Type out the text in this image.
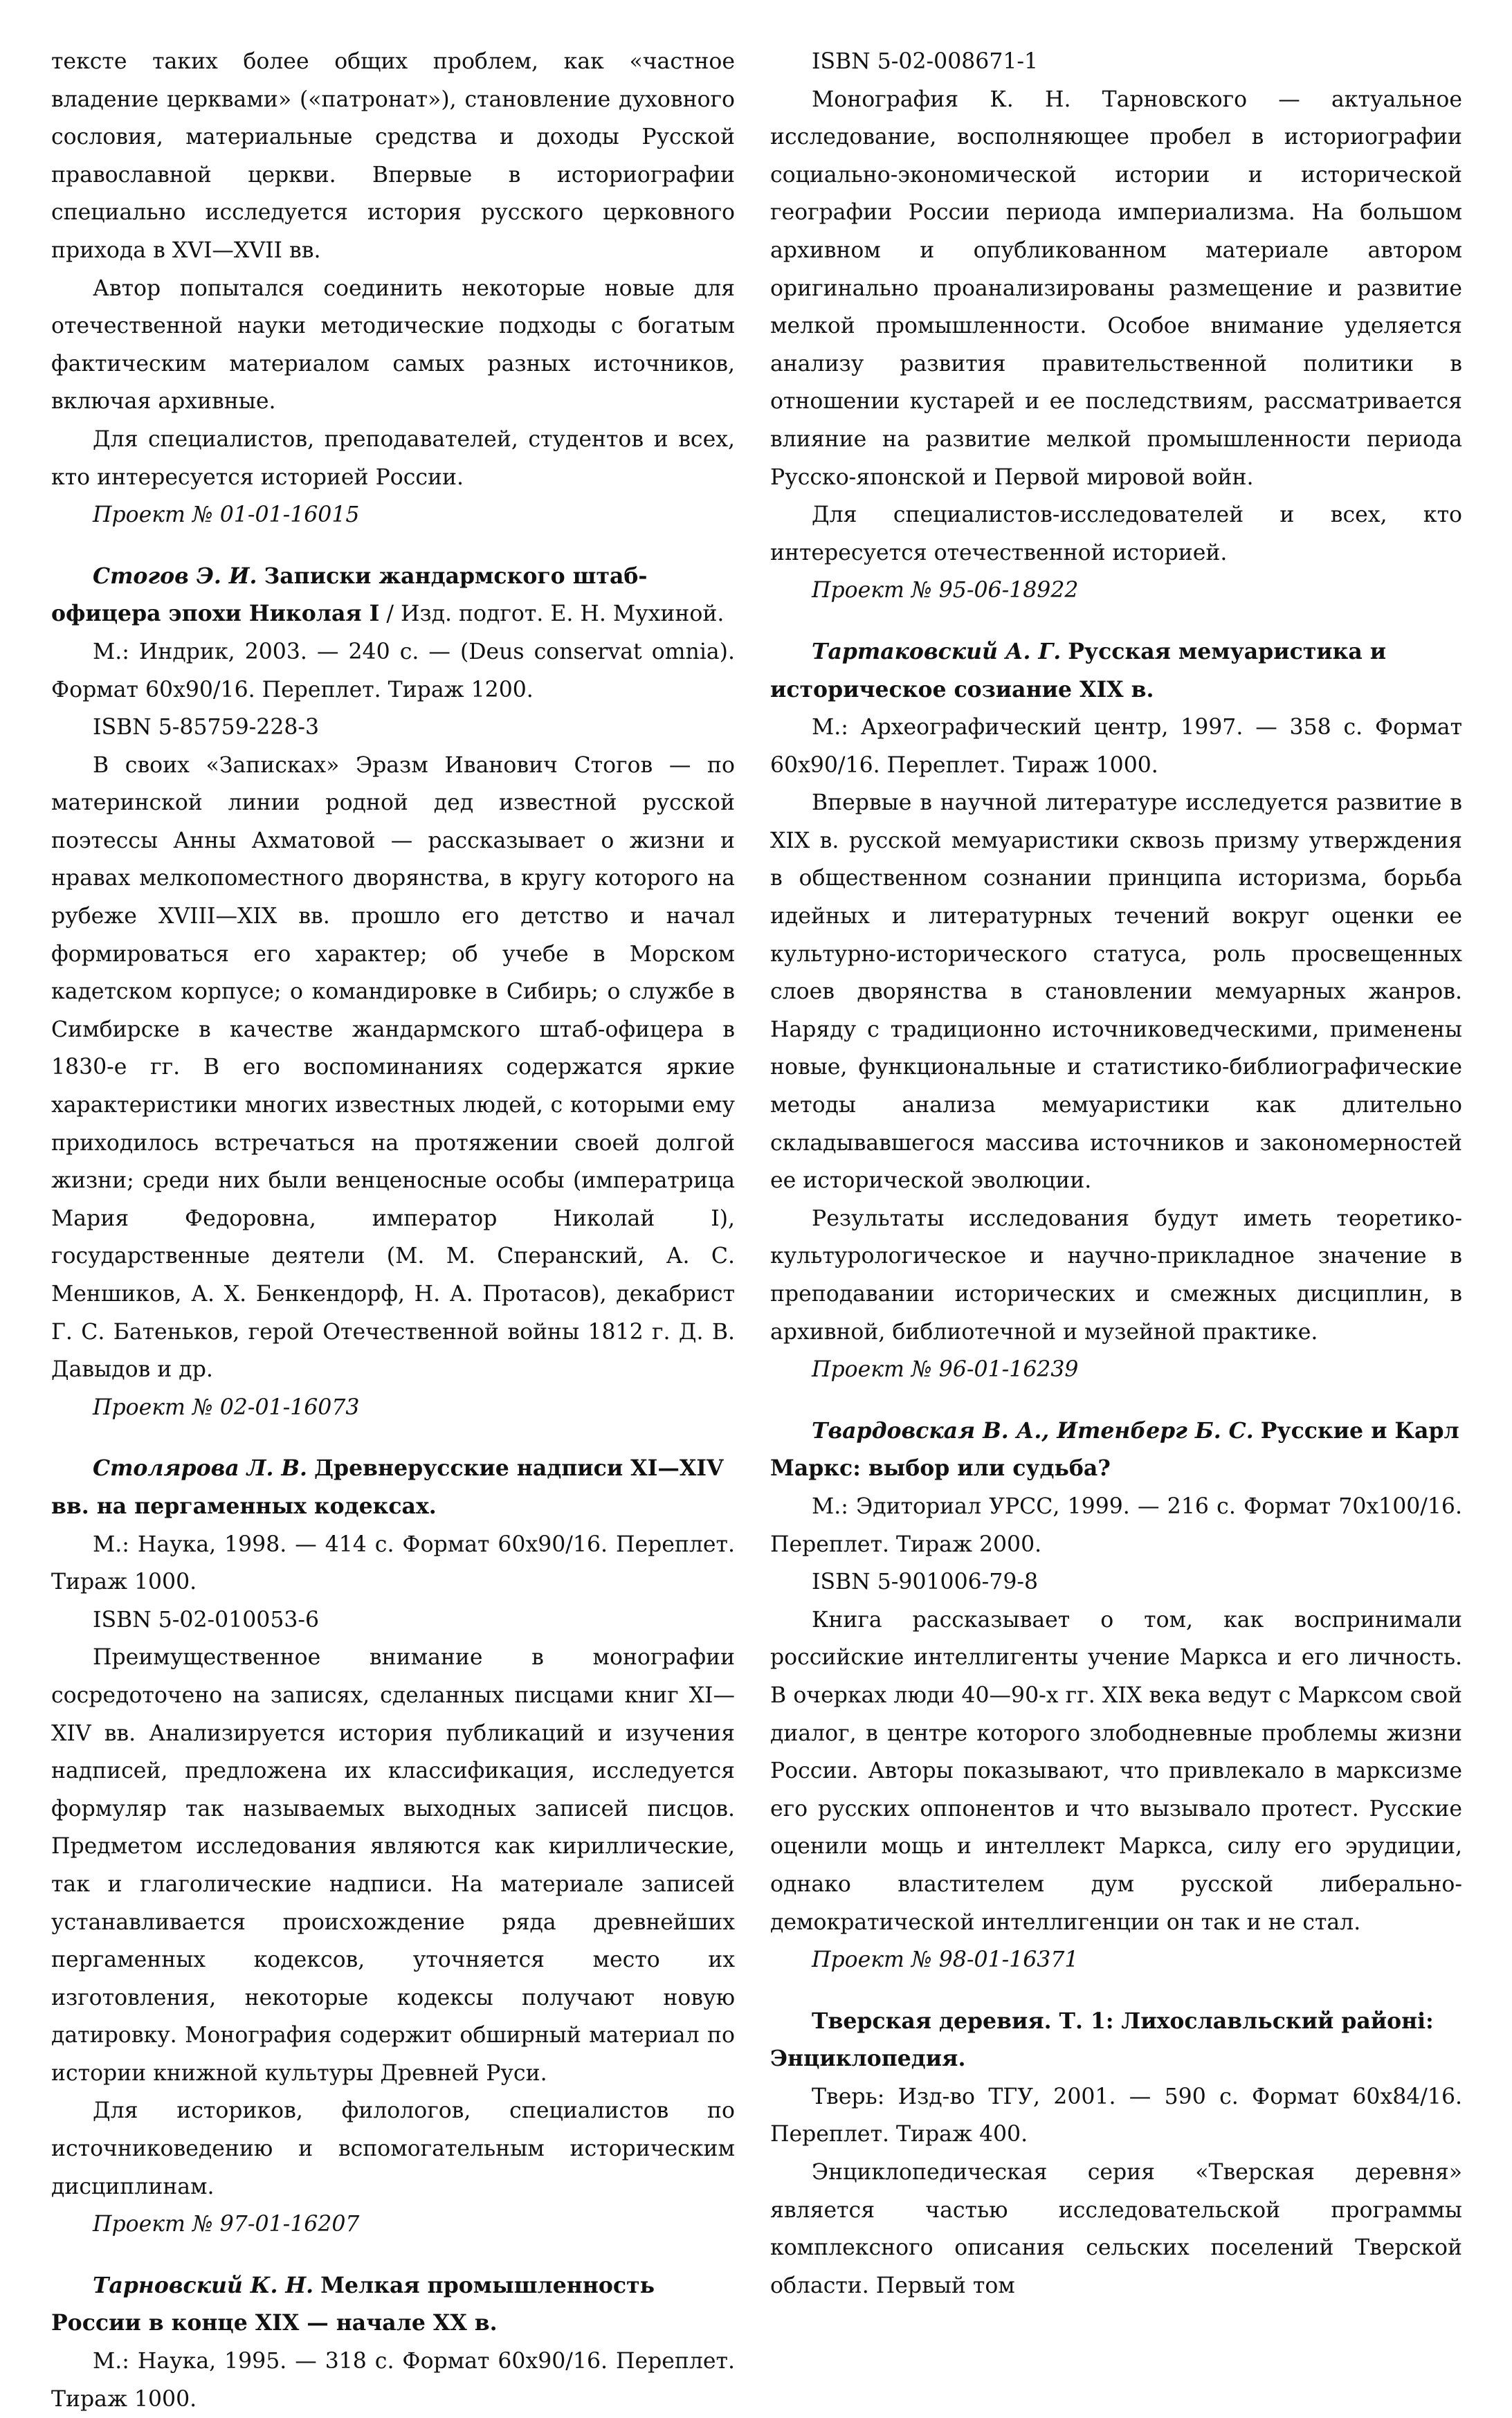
тексте таких более общих проблем, как «частное владение церквами» («патронат»), становление духовного сословия, материальные средства и доходы Русской православной церкви. Впервые в историографии специально исследуется история русского церковного прихода в XVI—XVII вв.

Автор попытался соединить некоторые новые для отечественной науки методические подходы с богатым фактическим материалом самых разных источников, включая архивные.

Для специалистов, преподавателей, студентов и всех, кто интересуется историей России.

Проект № 01-01-16015

Стогов Э. И. Записки жандармского штаб-офицера эпохи Николая I / Изд. подгот. Е. Н. Мухиной.

М.: Индрик, 2003. — 240 с. — (Deus conservat omnia). Формат 60x90/16. Переплет. Тираж 1200.

ISBN 5-85759-228-3

В своих «Записках» Эразм Иванович Стогов — по материнской линии родной дед известной русской поэтессы Анны Ахматовой — рассказывает о жизни и нравах мелкопоместного дворянства, в кругу которого на рубеже XVIII—XIX вв. прошло его детство и начал формироваться его характер; об учебе в Морском кадетском корпусе; о командировке в Сибирь; о службе в Симбирске в качестве жандармского штаб-офицера в 1830-е гг. В его воспоминаниях содержатся яркие характеристики многих известных людей, с которыми ему приходилось встречаться на протяжении своей долгой жизни; среди них были венценосные особы (императрица Мария Федоровна, император Николай I), государственные деятели (М. М. Сперанский, А. С. Меншиков, А. Х. Бенкендорф, Н. А. Протасов), декабрист Г. С. Батеньков, герой Отечественной войны 1812 г. Д. В. Давыдов и др.

Проект № 02-01-16073

Столярова Л. В. Древнерусские надписи XI—XIV вв. на пергаменных кодексах.

М.: Наука, 1998. — 414 с. Формат 60x90/16. Переплет. Тираж 1000.

ISBN 5-02-010053-6

Преимущественное внимание в монографии сосредоточено на записях, сделанных писцами книг XI—XIV вв. Анализируется история публикаций и изучения надписей, предложена их классификация, исследуется формуляр так называемых выходных записей писцов. Предметом исследования являются как кириллические, так и глаголические надписи. На материале записей устанавливается происхождение ряда древнейших пергаменных кодексов, уточняется место их изготовления, некоторые кодексы получают новую датировку. Монография содержит обширный материал по истории книжной культуры Древней Руси.

Для историков, филологов, специалистов по источниковедению и вспомогательным историческим дисциплинам.

Проект № 97-01-16207

Тарновский К. Н. Мелкая промышленность России в конце XIX — начале XX в.

М.: Наука, 1995. — 318 с. Формат 60x90/16. Переплет. Тираж 1000.

ISBN 5-02-008671-1

Монография К. Н. Тарновского — актуальное исследование, восполняющее пробел в историографии социально-экономической истории и исторической географии России периода империализма. На большом архивном и опубликованном материале автором оригинально проанализированы размещение и развитие мелкой промышленности. Особое внимание уделяется анализу развития правительственной политики в отношении кустарей и ее последствиям, рассматривается влияние на развитие мелкой промышленности периода Русско-японской и Первой мировой войн.

Для специалистов-исследователей и всех, кто интересуется отечественной историей.

Проект № 95-06-18922

Тартаковский А. Г. Русская мемуаристика и историческое созиание XIX в.

М.: Археографический центр, 1997. — 358 с. Формат 60x90/16. Переплет. Тираж 1000.

Впервые в научной литературе исследуется развитие в XIX в. русской мемуаристики сквозь призму утверждения в общественном сознании принципа историзма, борьба идейных и литературных течений вокруг оценки ее культурно-исторического статуса, роль просвещенных слоев дворянства в становлении мемуарных жанров. Наряду с традиционно источниковедческими, применены новые, функциональные и статистико-библиографические методы анализа мемуаристики как длительно складывавшегося массива источников и закономерностей ее исторической эволюции.

Результаты исследования будут иметь теоретико-культурологическое и научно-прикладное значение в преподавании исторических и смежных дисциплин, в архивной, библиотечной и музейной практике.

Проект № 96-01-16239

Твардовская В. А., Итенберг Б. С. Русские и Карл Маркс: выбор или судьба?

М.: Эдиториал УРСС, 1999. — 216 с. Формат 70x100/16. Переплет. Тираж 2000.

ISBN 5-901006-79-8

Книга рассказывает о том, как воспринимали российские интеллигенты учение Маркса и его личность. В очерках люди 40—90-х гг. XIX века ведут с Марксом свой диалог, в центре которого злободневные проблемы жизни России. Авторы показывают, что привлекало в марксизме его русских оппонентов и что вызывало протест. Русские оценили мощь и интеллект Маркса, силу его эрудиции, однако властителем дум русской либерально-демократической интеллигенции он так и не стал.

Проект № 98-01-16371

Тверская деревия. Т. 1: Лихославльский районі: Энциклопедия.

Тверь: Изд-во ТГУ, 2001. — 590 с. Формат 60x84/16. Переплет. Тираж 400.

Энциклопедическая серия «Тверская деревня» является частью исследовательской программы комплексного описания сельских поселений Тверской области. Первый том
